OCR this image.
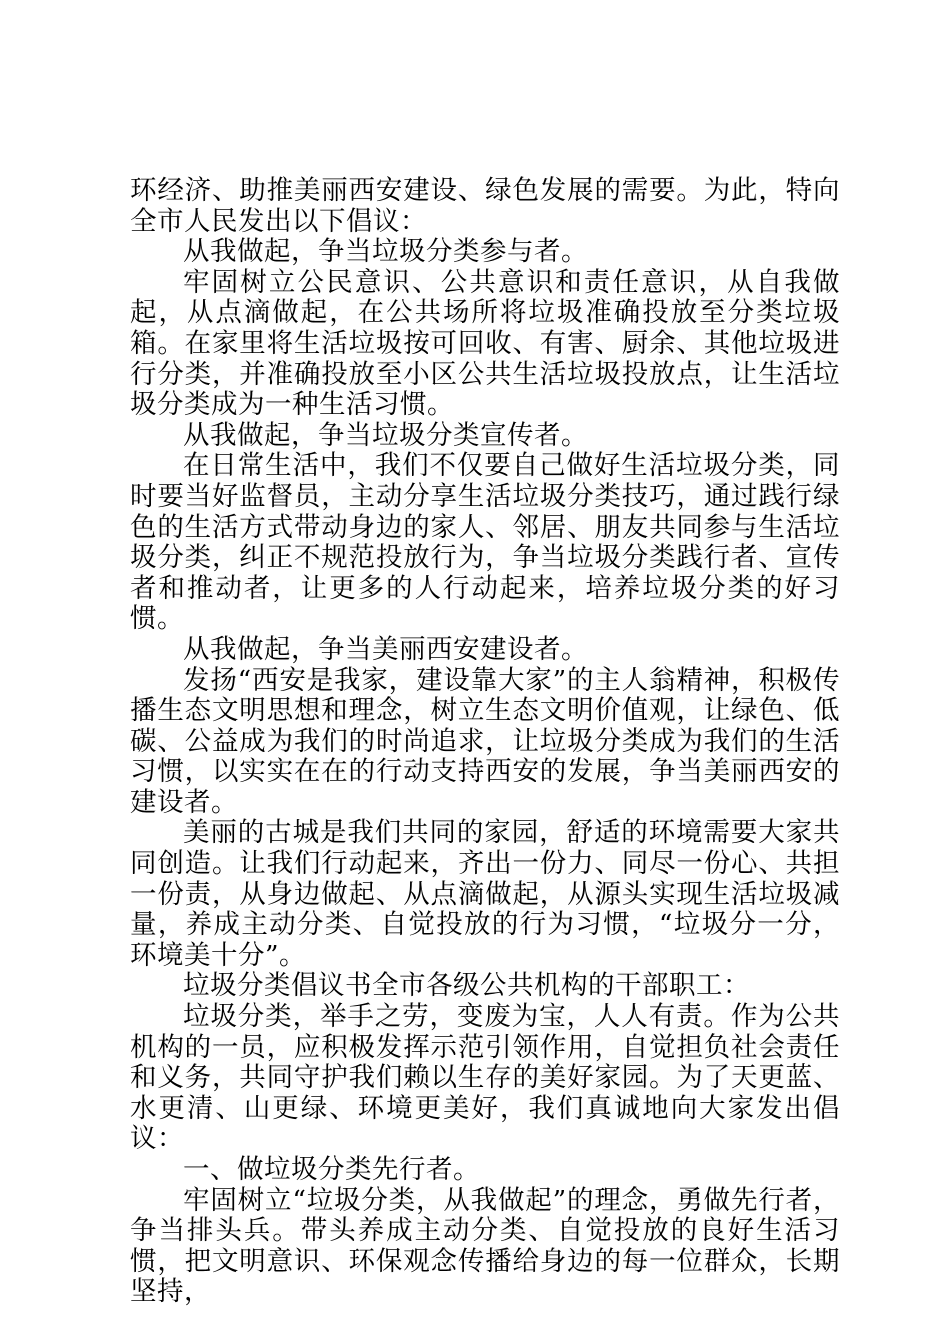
环经济、助推美丽西安建设、绿色发展的需要。为此，特向全市人民发出以下倡议：

从我做起，争当垃圾分类参与者。

牢固树立公民意识、公共意识和责任意识，从自我做起，从点滴做起，在公共场所将垃圾准确投放至分类垃圾箱。在家里将生活垃圾按可回收、有害、厨余、其他垃圾进行分类，并准确投放至小区公共生活垃圾投放点，让生活垃圾分类成为一种生活习惯。

从我做起，争当垃圾分类宣传者。

在日常生活中，我们不仅要自己做好生活垃圾分类，同时要当好监督员，主动分享生活垃圾分类技巧，通过践行绿色的生活方式带动身边的家人、邻居、朋友共同参与生活垃圾分类，纠正不规范投放行为，争当垃圾分类践行者、宣传者和推动者，让更多的人行动起来，培养垃圾分类的好习惯。

从我做起，争当美丽西安建设者。

发扬“西安是我家，建设靠大家”的主人翁精神，积极传播生态文明思想和理念，树立生态文明价值观，让绿色、低碳、公益成为我们的时尚追求，让垃圾分类成为我们的生活习惯，以实实在在的行动支持西安的发展，争当美丽西安的建设者。

美丽的古城是我们共同的家园，舒适的环境需要大家共同创造。让我们行动起来，齐出一份力、同尽一份心、共担一份责，从身边做起、从点滴做起，从源头实现生活垃圾减量，养成主动分类、自觉投放的行为习惯，“垃圾分一分，环境美十分”。

垃圾分类倡议书全市各级公共机构的干部职工：

垃圾分类，举手之劳，变废为宝，人人有责。作为公共机构的一员，应积极发挥示范引领作用，自觉担负社会责任和义务，共同守护我们赖以生存的美好家园。为了天更蓝、水更清、山更绿、环境更美好，我们真诚地向大家发出倡议：

一、做垃圾分类先行者。

牢固树立“垃圾分类，从我做起”的理念，勇做先行者，争当排头兵。带头养成主动分类、自觉投放的良好生活习惯，把文明意识、环保观念传播给身边的每一位群众，长期坚持，
